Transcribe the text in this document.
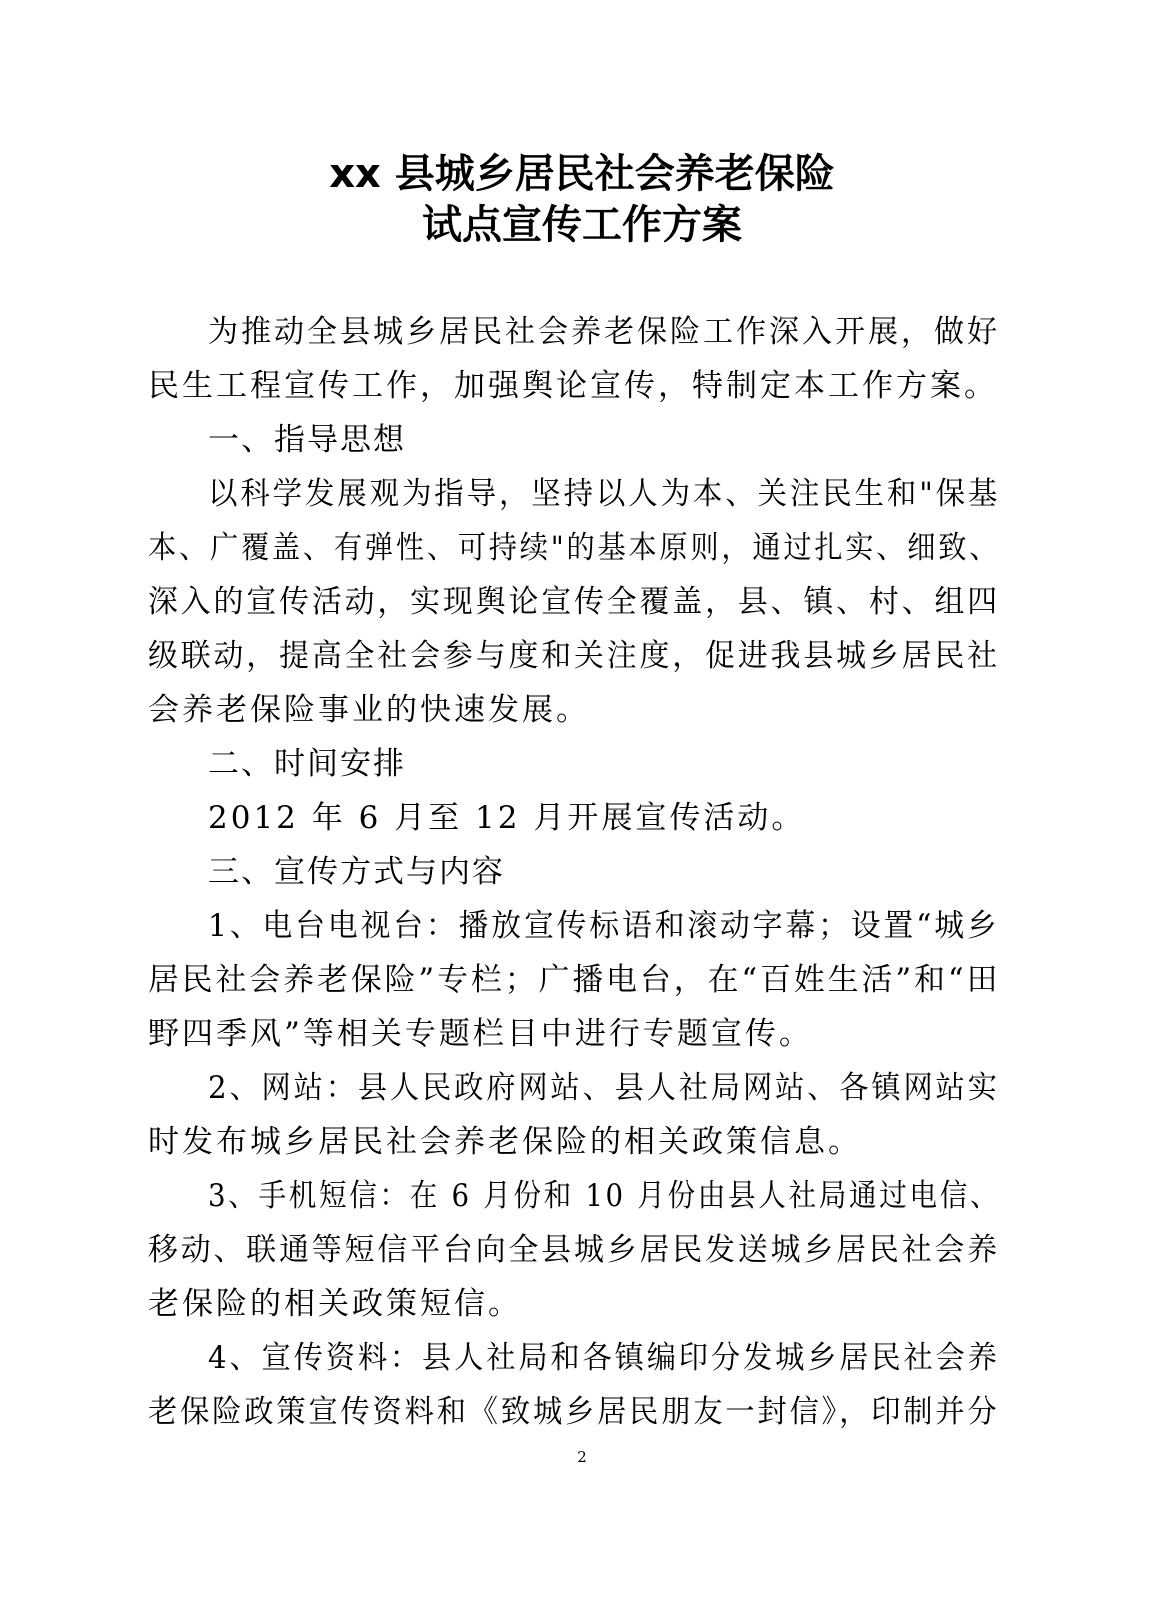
xx 县城乡居民社会养老保险
试点宣传工作方案
为推动全县城乡居民社会养老保险工作深入开展，做好
民生工程宣传工作，加强舆论宣传，特制定本工作方案。
一、指导思想
以科学发展观为指导，坚持以人为本、关注民生和"保基
本、广覆盖、有弹性、可持续"的基本原则，通过扎实、细致、
深入的宣传活动，实现舆论宣传全覆盖，县、镇、村、组四
级联动，提高全社会参与度和关注度，促进我县城乡居民社
会养老保险事业的快速发展。
二、时间安排
2012 年 6 月至 12 月开展宣传活动。
三、宣传方式与内容
1、电台电视台：播放宣传标语和滚动字幕；设置“城乡
居民社会养老保险”专栏；广播电台，在“百姓生活”和“田
野四季风”等相关专题栏目中进行专题宣传。
2、网站：县人民政府网站、县人社局网站、各镇网站实
时发布城乡居民社会养老保险的相关政策信息。
3、手机短信：在 6 月份和 10 月份由县人社局通过电信、
移动、联通等短信平台向全县城乡居民发送城乡居民社会养
老保险的相关政策短信。
4、宣传资料：县人社局和各镇编印分发城乡居民社会养
老保险政策宣传资料和《致城乡居民朋友一封信》，印制并分
2
